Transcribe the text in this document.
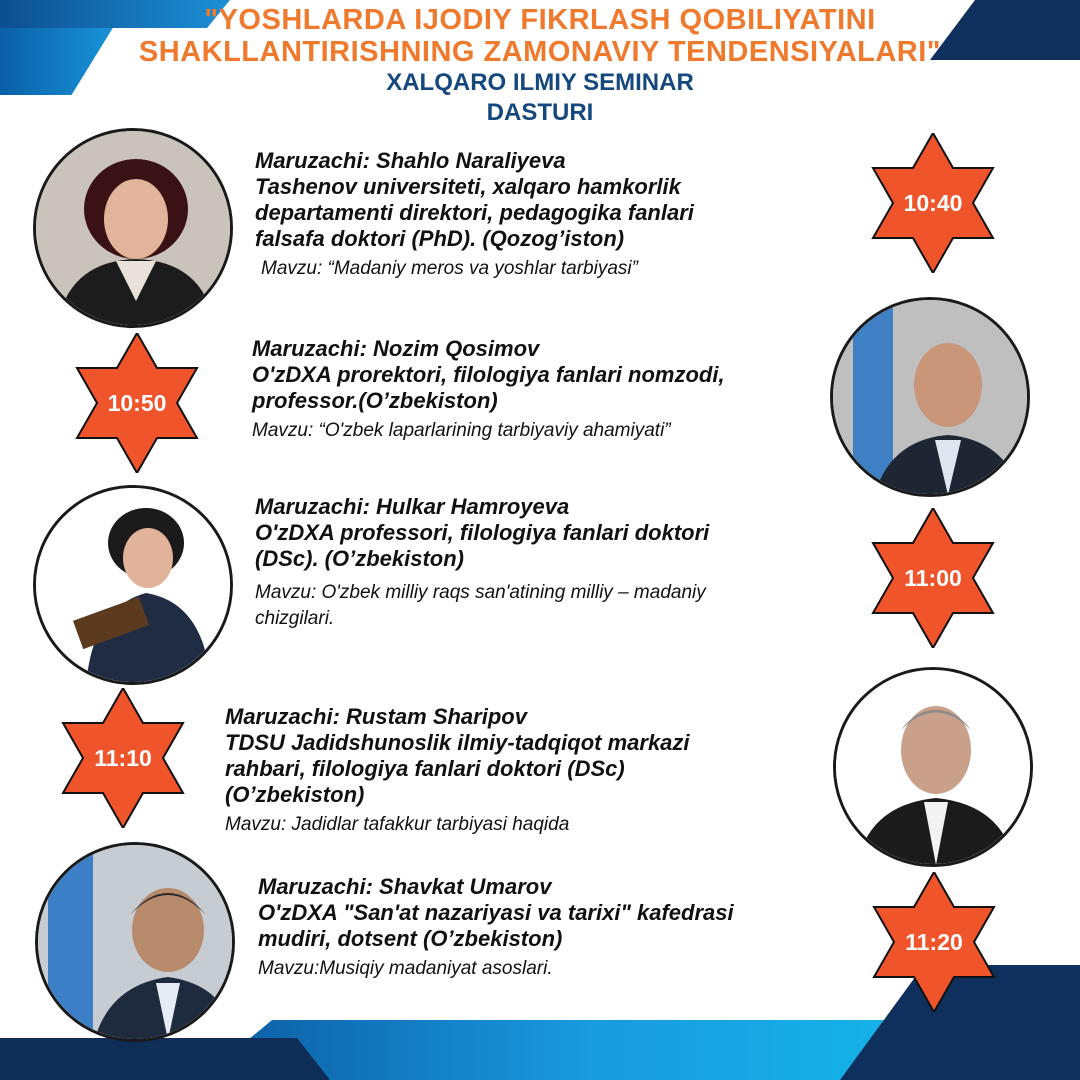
"YOSHLARDA IJODIY FIKRLASH QOBILIYATINI

SHAKLLANTIRISHNING ZAMONAVIY TENDENSIYALARI"

XALQARO ILMIY SEMINAR

DASTURI

Maruzachi: Shahlo Naraliyeva

Tashenov universiteti, xalqaro hamkorlik

departamenti direktori, pedagogika fanlari

falsafa doktori (PhD). (Qozog’iston)

Mavzu: “Madaniy meros va yoshlar tarbiyasi”

10:40
10:50

Maruzachi: Nozim Qosimov

O'zDXA prorektori, filologiya fanlari nomzodi,

professor.(O’zbekiston)

Mavzu: “O'zbek laparlarining tarbiyaviy ahamiyati”

Maruzachi: Hulkar Hamroyeva

O'zDXA professori, filologiya fanlari doktori

(DSc). (O’zbekiston)

Mavzu: O'zbek milliy raqs san'atining milliy – madaniy

chizgilari.

11:00
11:10

Maruzachi: Rustam Sharipov

TDSU Jadidshunoslik ilmiy-tadqiqot markazi

rahbari, filologiya fanlari doktori (DSc)

(O’zbekiston)

Mavzu: Jadidlar tafakkur tarbiyasi haqida

Maruzachi: Shavkat Umarov

O'zDXA "San'at nazariyasi va tarixi" kafedrasi

mudiri, dotsent (O’zbekiston)

Mavzu:Musiqiy madaniyat asoslari.

11:20
